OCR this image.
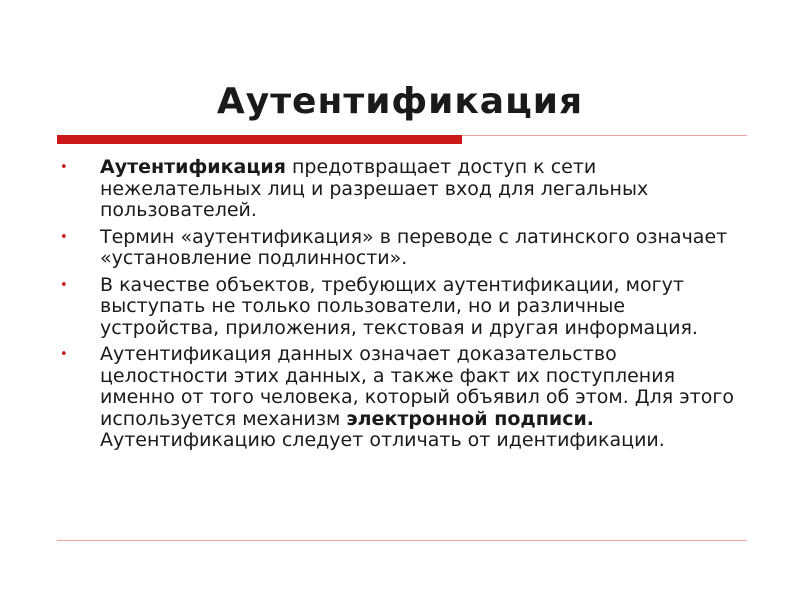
Аутентификация
• Аутентификация предотвращает доступ к сети нежелательных лиц и разрешает вход для легальных пользователей.
• Термин «аутентификация» в переводе с латинского означает «установление подлинности».
• В качестве объектов, требующих аутентификации, могут выступать не только пользователи, но и различные устройства, приложения, текстовая и другая информация.
• Аутентификация данных означает доказательство целостности этих данных, а также факт их поступления именно от того человека, который объявил об этом. Для этого используется механизм электронной подписи. Аутентификацию следует отличать от идентификации.
